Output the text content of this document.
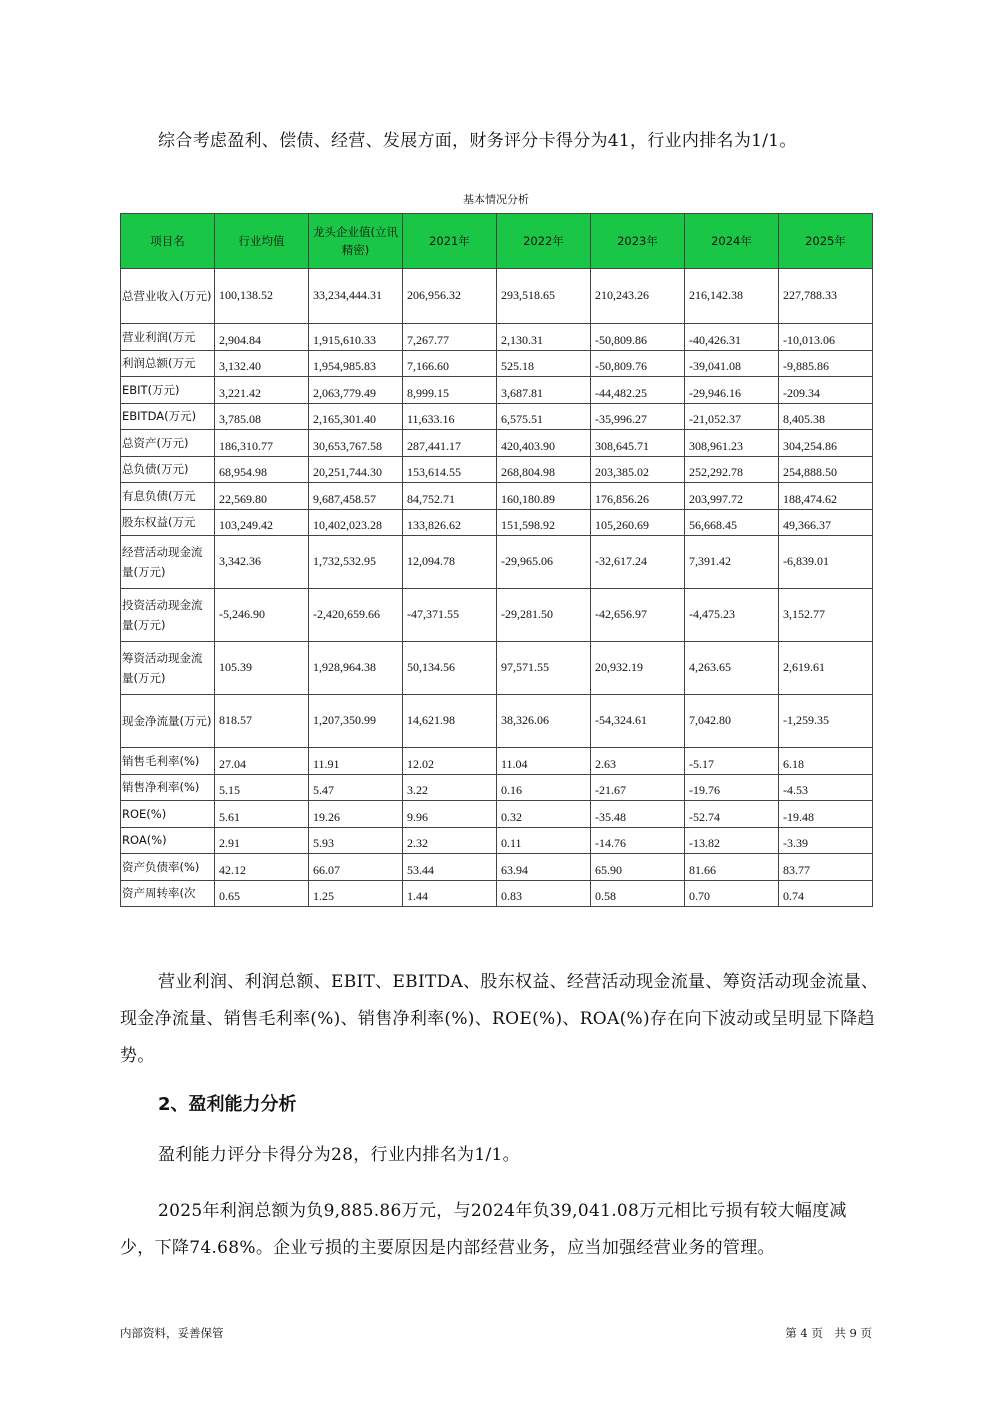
综合考虑盈利、偿债、经营、发展方面，财务评分卡得分为41，行业内排名为1/1。
基本情况分析
项目名	行业均值	龙头企业值(立讯精密)	2021年	2022年	2023年	2024年	2025年
总营业收入(万元)	100,138.52	33,234,444.31	206,956.32	293,518.65	210,243.26	216,142.38	227,788.33
营业利润(万元	2,904.84	1,915,610.33	7,267.77	2,130.31	-50,809.86	-40,426.31	-10,013.06
利润总额(万元	3,132.40	1,954,985.83	7,166.60	525.18	-50,809.76	-39,041.08	-9,885.86
EBIT(万元)	3,221.42	2,063,779.49	8,999.15	3,687.81	-44,482.25	-29,946.16	-209.34
EBITDA(万元)	3,785.08	2,165,301.40	11,633.16	6,575.51	-35,996.27	-21,052.37	8,405.38
总资产(万元)	186,310.77	30,653,767.58	287,441.17	420,403.90	308,645.71	308,961.23	304,254.86
总负债(万元)	68,954.98	20,251,744.30	153,614.55	268,804.98	203,385.02	252,292.78	254,888.50
有息负债(万元	22,569.80	9,687,458.57	84,752.71	160,180.89	176,856.26	203,997.72	188,474.62
股东权益(万元	103,249.42	10,402,023.28	133,826.62	151,598.92	105,260.69	56,668.45	49,366.37
经营活动现金流量(万元)	3,342.36	1,732,532.95	12,094.78	-29,965.06	-32,617.24	7,391.42	-6,839.01
投资活动现金流量(万元)	-5,246.90	-2,420,659.66	-47,371.55	-29,281.50	-42,656.97	-4,475.23	3,152.77
筹资活动现金流量(万元)	105.39	1,928,964.38	50,134.56	97,571.55	20,932.19	4,263.65	2,619.61
现金净流量(万元)	818.57	1,207,350.99	14,621.98	38,326.06	-54,324.61	7,042.80	-1,259.35
销售毛利率(%)	27.04	11.91	12.02	11.04	2.63	-5.17	6.18
销售净利率(%)	5.15	5.47	3.22	0.16	-21.67	-19.76	-4.53
ROE(%)	5.61	19.26	9.96	0.32	-35.48	-52.74	-19.48
ROA(%)	2.91	5.93	2.32	0.11	-14.76	-13.82	-3.39
资产负债率(%)	42.12	66.07	53.44	63.94	65.90	81.66	83.77
资产周转率(次	0.65	1.25	1.44	0.83	0.58	0.70	0.74
营业利润、利润总额、EBIT、EBITDA、股东权益、经营活动现金流量、筹资活动现金流量、现金净流量、销售毛利率(%)、销售净利率(%)、ROE(%)、ROA(%)存在向下波动或呈明显下降趋势。
2、盈利能力分析
盈利能力评分卡得分为28，行业内排名为1/1。
2025年利润总额为负9,885.86万元，与2024年负39,041.08万元相比亏损有较大幅度减少，下降74.68%。企业亏损的主要原因是内部经营业务，应当加强经营业务的管理。
内部资料，妥善保管	第 4 页　共 9 页
